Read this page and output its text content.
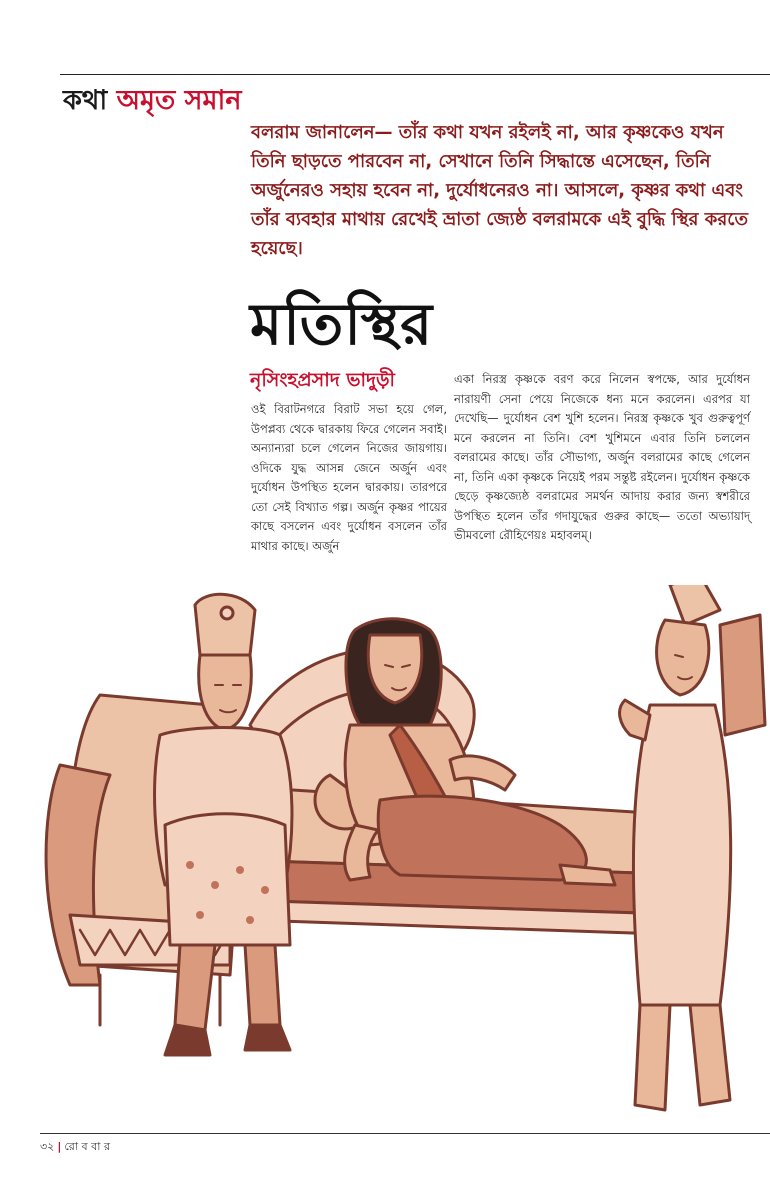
কথা অমৃত সমান

বলরাম জানালেন— তাঁর কথা যখন রইলই না, আর কৃষ্ণকেও যখন তিনি ছাড়তে পারবেন না, সেখানে তিনি সিদ্ধান্তে এসেছেন, তিনি অর্জুনেরও সহায় হবেন না, দুর্যোধনেরও না। আসলে, কৃষ্ণর কথা এবং তাঁর ব্যবহার মাথায় রেখেই ভ্রাতা জ্যেষ্ঠ বলরামকে এই বুদ্ধি স্থির করতে হয়েছে।

মতিস্থির
নৃসিংহপ্রসাদ ভাদুড়ী

ওই বিরাটনগরে বিরাট সভা হয়ে গেল, উপপ্লব্য থেকে দ্বারকায় ফিরে গেলেন সবাই। অন্যান্যরা চলে গেলেন নিজের জায়গায়। ওদিকে যুদ্ধ আসন্ন জেনে অর্জুন এবং দুর্যোধন উপস্থিত হলেন দ্বারকায়। তারপরে তো সেই বিখ্যাত গল্প। অর্জুন কৃষ্ণর পায়ের কাছে বসলেন এবং দুর্যোধন বসলেন তাঁর মাথার কাছে। অর্জুন

একা নিরস্ত্র কৃষ্ণকে বরণ করে নিলেন স্বপক্ষে, আর দুর্যোধন নারায়ণী সেনা পেয়ে নিজেকে ধন্য মনে করলেন। এরপর যা দেখেছি— দুর্যোধন বেশ খুশি হলেন। নিরস্ত্র কৃষ্ণকে খুব গুরুত্বপূর্ণ মনে করলেন না তিনি। বেশ খুশিমনে এবার তিনি চললেন বলরামের কাছে। তাঁর সৌভাগ্য, অর্জুন বলরামের কাছে গেলেন না, তিনি একা কৃষ্ণকে নিয়েই পরম সন্তুষ্ট রইলেন। দুর্যোধন কৃষ্ণকে ছেড়ে কৃষ্ণজ্যেষ্ঠ বলরামের সমর্থন আদায় করার জন্য স্বশরীরে উপস্থিত হলেন তাঁর গদাযুদ্ধের গুরুর কাছে— ততো অভ্যায়াদ্ ভীমবলো রৌহিণেয়ঃ মহাবলম্।

৩২ | রো ব বা র
